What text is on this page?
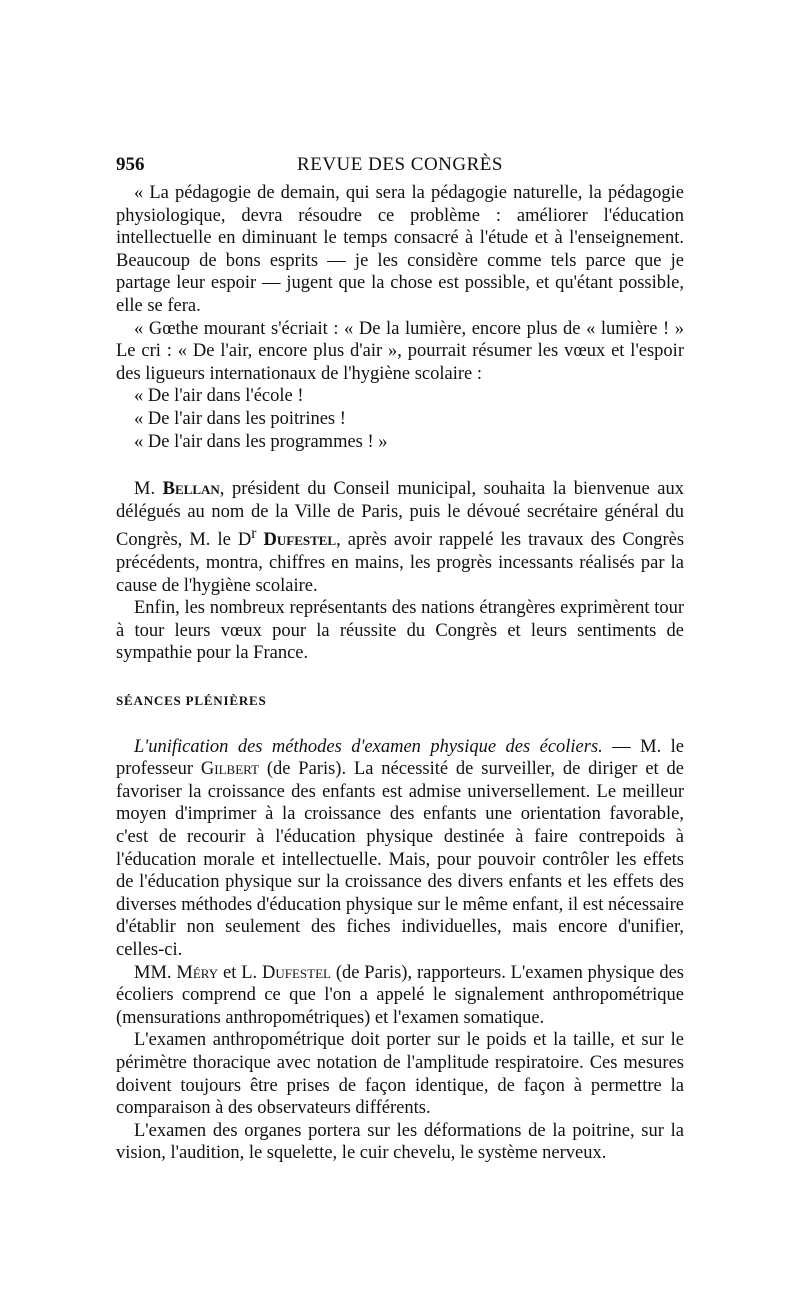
956	REVUE DES CONGRÈS

« La pédagogie de demain, qui sera la pédagogie naturelle, la pédagogie physiologique, devra résoudre ce problème : améliorer l'éducation intellectuelle en diminuant le temps consacré à l'étude et à l'enseignement. Beaucoup de bons esprits — je les considère comme tels parce que je partage leur espoir — jugent que la chose est possible, et qu'étant possible, elle se fera.

« Gœthe mourant s'écriait : « De la lumière, encore plus de « lumière ! » Le cri : « De l'air, encore plus d'air », pourrait résumer les vœux et l'espoir des ligueurs internationaux de l'hygiène scolaire :

« De l'air dans l'école !

« De l'air dans les poitrines !

« De l'air dans les programmes ! »

M. Bellan, président du Conseil municipal, souhaita la bienvenue aux délégués au nom de la Ville de Paris, puis le dévoué secrétaire général du Congrès, M. le $D^r$ Dufestel, après avoir rappelé les travaux des Congrès précédents, montra, chiffres en mains, les progrès incessants réalisés par la cause de l'hygiène scolaire.

Enfin, les nombreux représentants des nations étrangères exprimèrent tour à tour leurs vœux pour la réussite du Congrès et leurs sentiments de sympathie pour la France.

SÉANCES PLÉNIÈRES

L'unification des méthodes d'examen physique des écoliers. — M. le professeur Gilbert (de Paris). La nécessité de surveiller, de diriger et de favoriser la croissance des enfants est admise universellement. Le meilleur moyen d'imprimer à la croissance des enfants une orientation favorable, c'est de recourir à l'éducation physique destinée à faire contrepoids à l'éducation morale et intellectuelle. Mais, pour pouvoir contrôler les effets de l'éducation physique sur la croissance des divers enfants et les effets des diverses méthodes d'éducation physique sur le même enfant, il est nécessaire d'établir non seulement des fiches individuelles, mais encore d'unifier, celles-ci.

MM. Méry et L. Dufestel (de Paris), rapporteurs. L'examen physique des écoliers comprend ce que l'on a appelé le signalement anthropométrique (mensurations anthropométriques) et l'examen somatique.

L'examen anthropométrique doit porter sur le poids et la taille, et sur le périmètre thoracique avec notation de l'amplitude respiratoire. Ces mesures doivent toujours être prises de façon identique, de façon à permettre la comparaison à des observateurs différents.

L'examen des organes portera sur les déformations de la poitrine, sur la vision, l'audition, le squelette, le cuir chevelu, le système nerveux.
